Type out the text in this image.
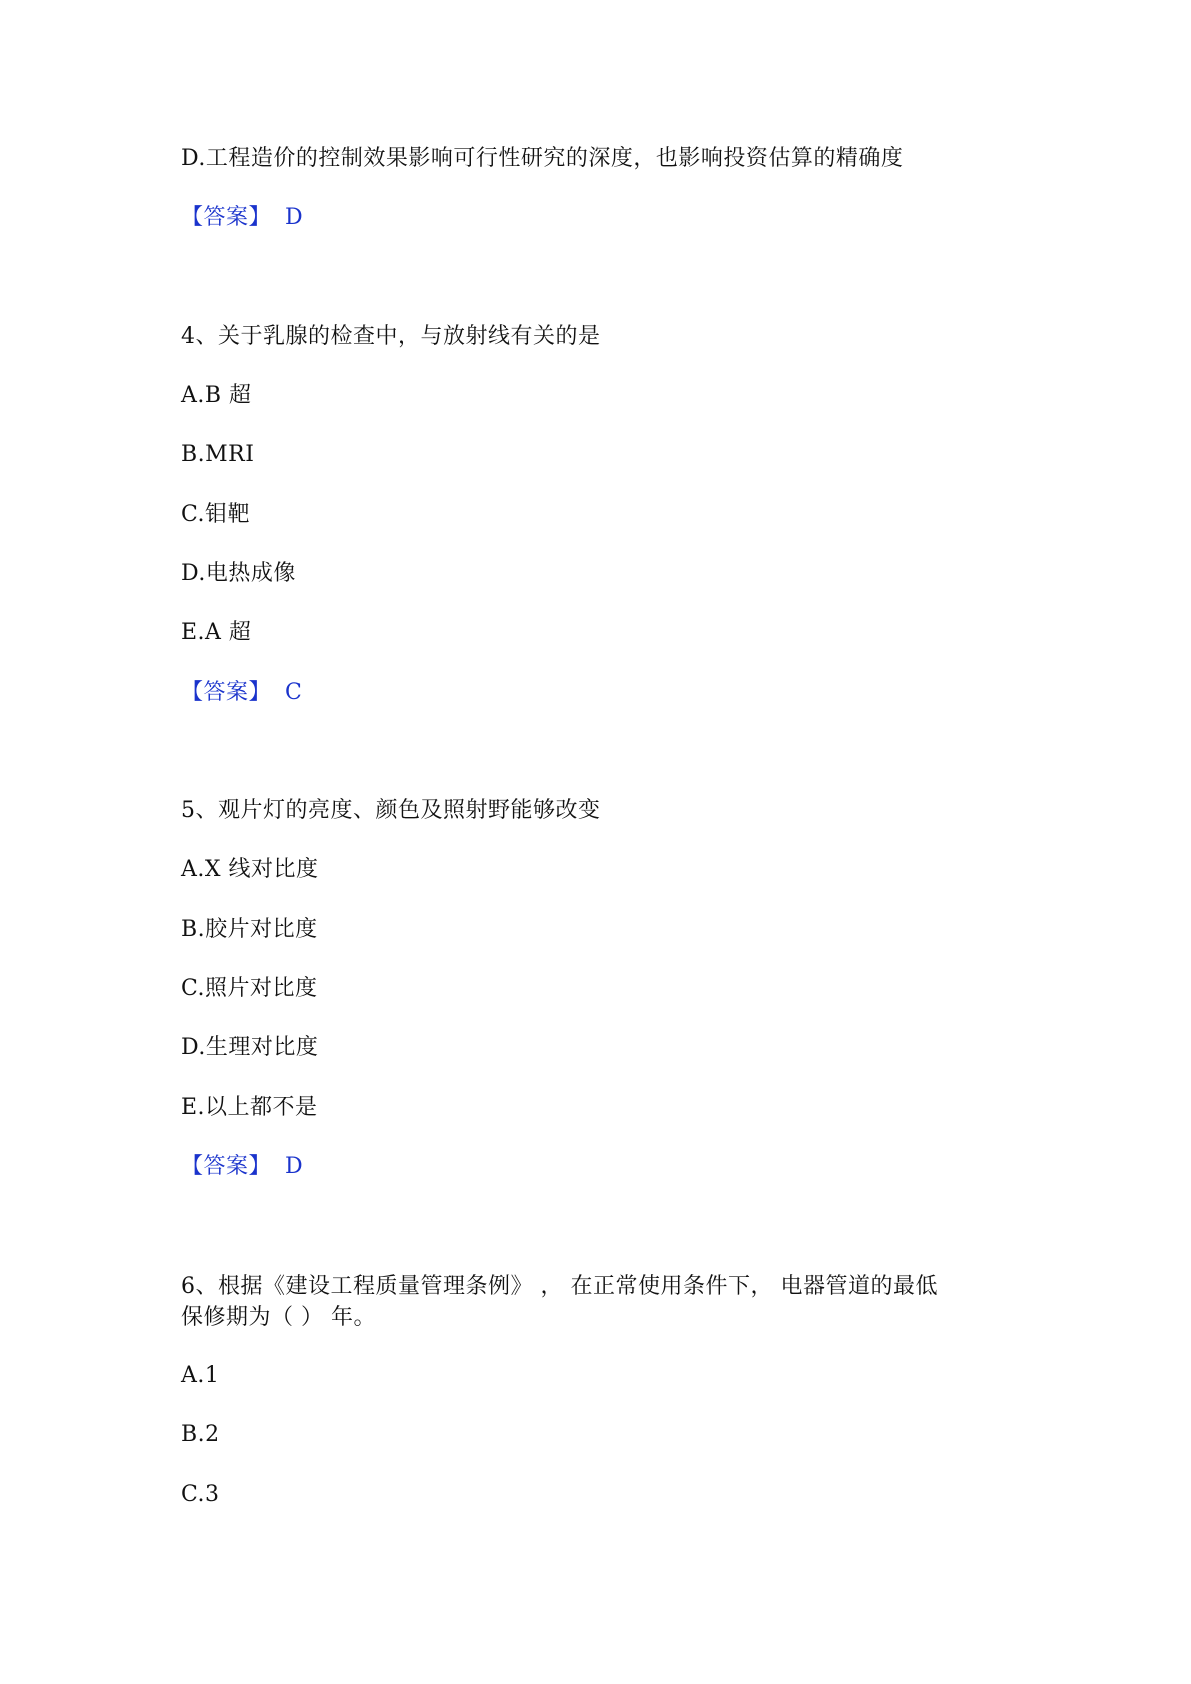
D.工程造价的控制效果影响可行性研究的深度，也影响投资估算的精确度
【答案】 D
4、关于乳腺的检查中，与放射线有关的是
A.B 超
B.MRI
C.钼靶
D.电热成像
E.A 超
【答案】 C
5、观片灯的亮度、颜色及照射野能够改变
A.X 线对比度
B.胶片对比度
C.照片对比度
D.生理对比度
E.以上都不是
【答案】 D
6、根据《建设工程质量管理条例》 ， 在正常使用条件下， 电器管道的最低
保修期为（ ） 年。
A.1
B.2
C.3
